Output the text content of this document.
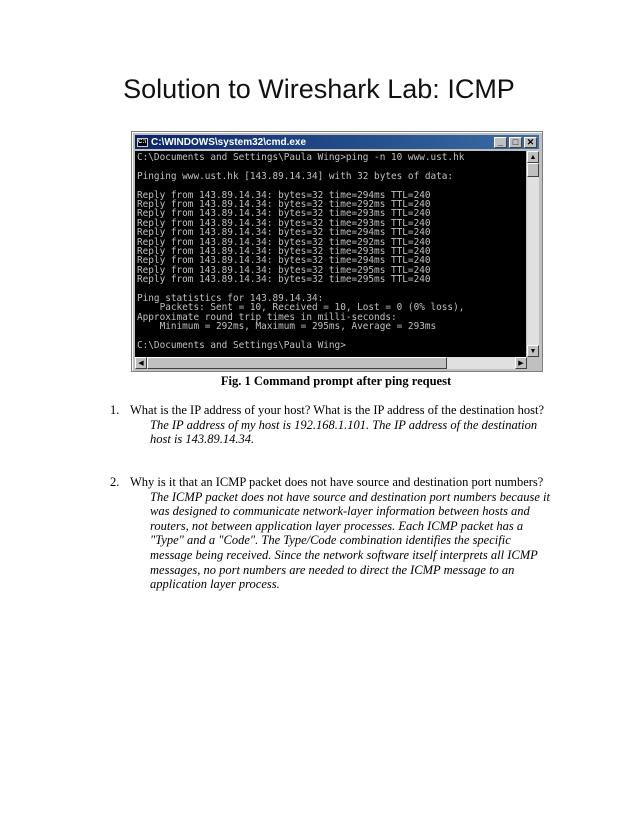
Solution to Wireshark Lab: ICMP
C:\ C:\WINDOWS\system32\cmd.exe	_	□ ✕
C:\Documents and Settings\Paula Wing>ping -n 10 www.ust.hk
Pinging www.ust.hk [143.89.14.34] with 32 bytes of data:
Reply from 143.89.14.34: bytes=32 time=294ms TTL=240
Reply from 143.89.14.34: bytes=32 time=292ms TTL=240
Reply from 143.89.14.34: bytes=32 time=293ms TTL=240
Reply from 143.89.14.34: bytes=32 time=293ms TTL=240
Reply from 143.89.14.34: bytes=32 time=294ms TTL=240
Reply from 143.89.14.34: bytes=32 time=292ms TTL=240
Reply from 143.89.14.34: bytes=32 time=293ms TTL=240
Reply from 143.89.14.34: bytes=32 time=294ms TTL=240
Reply from 143.89.14.34: bytes=32 time=295ms TTL=240
Reply from 143.89.14.34: bytes=32 time=295ms TTL=240
Ping statistics for 143.89.14.34:
Packets: Sent = 10, Received = 10, Lost = 0 (0% loss),
Approximate round trip times in milli-seconds:
Minimum = 292ms, Maximum = 295ms, Average = 293ms
C:\Documents and Settings\Paula Wing>
▲
▼
◀	▶
Fig. 1 Command prompt after ping request
1. What is the IP address of your host? What is the IP address of the destination host?
The IP address of my host is 192.168.1.101. The IP address of the destination host is 143.89.14.34.
2. Why is it that an ICMP packet does not have source and destination port numbers?
The ICMP packet does not have source and destination port numbers because it was designed to communicate network-layer information between hosts and routers, not between application layer processes. Each ICMP packet has a "Type" and a "Code". The Type/Code combination identifies the specific message being received. Since the network software itself interprets all ICMP messages, no port numbers are needed to direct the ICMP message to an application layer process.
